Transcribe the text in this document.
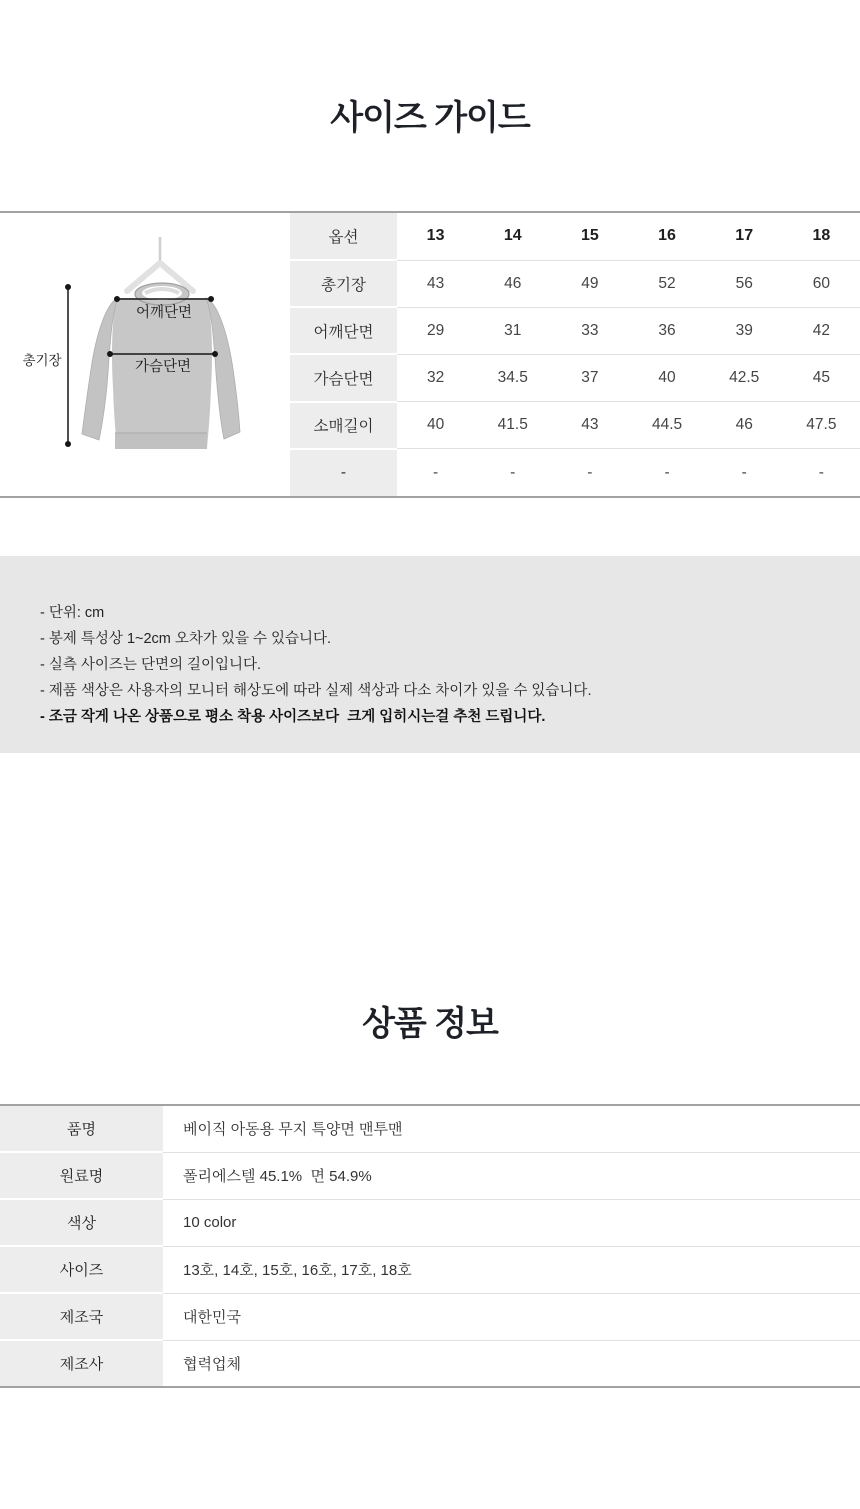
사이즈 가이드
어깨단면
가슴단면
총기장
옵션	13	14	15	16	17	18
총기장	43	46	49	52	56	60
어깨단면	29	31	33	36	39	42
가슴단면	32	34.5	37	40	42.5	45
소매길이	40	41.5	43	44.5	46	47.5
-	-	-	-	-	-	-

- 단위: cm

- 봉제 특성상 1~2cm 오차가 있을 수 있습니다.

- 실측 사이즈는 단면의 길이입니다.

- 제품 색상은 사용자의 모니터 해상도에 따라 실제 색상과 다소 차이가 있을 수 있습니다.

- 조금 작게 나온 상품으로 평소 착용 사이즈보다  크게 입히시는걸 추천 드립니다.

상품 정보
품명	베이직 아동용 무지 특양면 맨투맨
원료명	폴리에스텔 45.1%  면 54.9%
색상	10 color
사이즈	13호, 14호, 15호, 16호, 17호, 18호
제조국	대한민국
제조사	협력업체
